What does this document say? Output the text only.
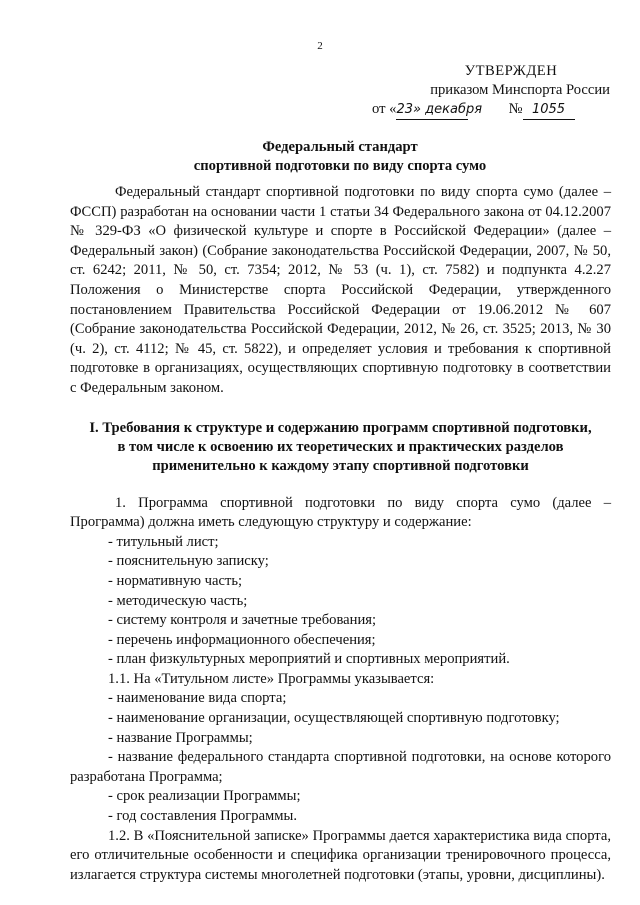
2
УТВЕРЖДЕН
приказом Минспорта России
от «23» декабря № 1055
Федеральный стандарт
спортивной подготовки по виду спорта сумо

Федеральный стандарт спортивной подготовки по виду спорта сумо (далее – ФССП) разработан на основании части 1 статьи 34 Федерального закона от 04.12.2007 № 329-ФЗ «О физической культуре и спорте в Российской Федерации» (далее – Федеральный закон) (Собрание законодательства Российской Федерации, 2007, № 50, ст. 6242; 2011, № 50, ст. 7354; 2012, № 53 (ч. 1), ст. 7582) и подпункта 4.2.27 Положения о Министерстве спорта Российской Федерации, утвержденного постановлением Правительства Российской Федерации от 19.06.2012 № 607 (Собрание законодательства Российской Федерации, 2012, № 26, ст. 3525; 2013, № 30 (ч. 2), ст. 4112; № 45, ст. 5822), и определяет условия и требования к спортивной подготовке в организациях, осуществляющих спортивную подготовку в соответствии с Федеральным законом.

I. Требования к структуре и содержанию программ спортивной подготовки,
в том числе к освоению их теоретических и практических разделов
применительно к каждому этапу спортивной подготовки

1. Программа спортивной подготовки по виду спорта сумо (далее – Программа) должна иметь следующую структуру и содержание:

- титульный лист;

- пояснительную записку;

- нормативную часть;

- методическую часть;

- систему контроля и зачетные требования;

- перечень информационного обеспечения;

- план физкультурных мероприятий и спортивных мероприятий.

1.1. На «Титульном листе» Программы указывается:

- наименование вида спорта;

- наименование организации, осуществляющей спортивную подготовку;

- название Программы;

- название федерального стандарта спортивной подготовки, на основе которого разработана Программа;

- срок реализации Программы;

- год составления Программы.

1.2. В «Пояснительной записке» Программы дается характеристика вида спорта, его отличительные особенности и специфика организации тренировочного процесса, излагается структура системы многолетней подготовки (этапы, уровни, дисциплины).
